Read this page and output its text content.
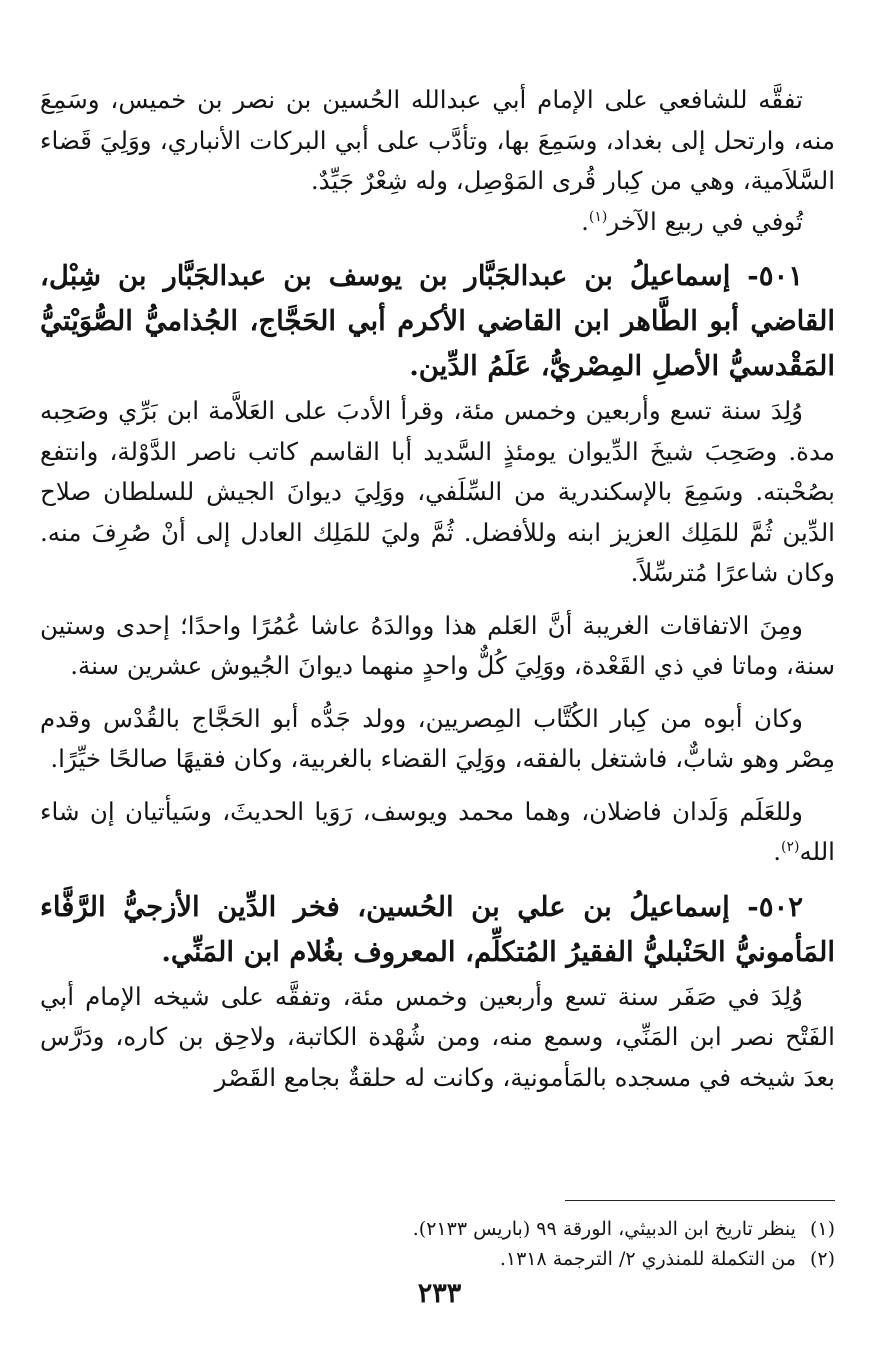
تفقَّه للشافعي على الإمام أبي عبدالله الحُسين بن نصر بن خميس، وسَمِعَ منه، وارتحل إلى بغداد، وسَمِعَ بها، وتأدَّب على أبي البركات الأنباري، ووَلِيَ قَضاء السَّلاَمية، وهي من كِبار قُرى المَوْصِل، وله شِعْرٌ جَيِّدٌ.

تُوفي في ربيع الآخر$^{(١)}$.

٥٠١- إسماعيلُ بن عبدالجَبَّار بن يوسف بن عبدالجَبَّار بن شِبْل، القاضي أبو الطَّاهر ابن القاضي الأكرم أبي الحَجَّاج، الجُذاميُّ الصُّوَيْتيُّ المَقْدسيُّ الأصلِ المِصْريُّ، عَلَمُ الدِّين.

وُلِدَ سنة تسع وأربعين وخمس مئة، وقرأ الأدبَ على العَلاَّمة ابن بَرِّي وصَحِبه مدة. وصَحِبَ شيخَ الدِّيوان يومئذٍ السَّديد أبا القاسم كاتب ناصر الدَّوْلة، وانتفع بصُحْبته. وسَمِعَ بالإسكندرية من السِّلَفي، ووَلِيَ ديوانَ الجيش للسلطان صلاح الدِّين ثُمَّ للمَلِك العزيز ابنه وللأفضل. ثُمَّ وليَ للمَلِك العادل إلى أنْ صُرِفَ منه. وكان شاعرًا مُترسِّلاً.

ومِنَ الاتفاقات الغريبة أنَّ العَلم هذا ووالدَهُ عاشا عُمُرًا واحدًا؛ إحدى وستين سنة، وماتا في ذي القَعْدة، ووَلِيَ كُلٌّ واحدٍ منهما ديوانَ الجُيوش عشرين سنة.

وكان أبوه من كِبار الكُتَّاب المِصريين، وولد جَدُّه أبو الحَجَّاج بالقُدْس وقدم مِصْر وهو شابٌّ، فاشتغل بالفقه، ووَلِيَ القضاء بالغربية، وكان فقيهًا صالحًا خيِّرًا.

وللعَلَم وَلَدان فاضلان، وهما محمد ويوسف، رَوَيا الحديثَ، وسَيأتيان إن شاء الله$^{(٢)}$.

٥٠٢- إسماعيلُ بن علي بن الحُسين، فخر الدِّين الأزجيُّ الرَّفَّاء المَأمونيُّ الحَنْبليُّ الفقيرُ المُتكلِّم، المعروف بغُلام ابن المَنِّي.

وُلِدَ في صَفَر سنة تسع وأربعين وخمس مئة، وتفقَّه على شيخه الإمام أبي الفَتْح نصر ابن المَنِّي، وسمع منه، ومن شُهْدة الكاتبة، ولاحِق بن كاره، ودَرَّس بعدَ شيخه في مسجده بالمَأمونية، وكانت له حلقةٌ بجامع القَصْر

(١)ينظر تاريخ ابن الدبيثي، الورقة ٩٩ (باريس ٢١٣٣).

(٢)من التكملة للمنذري ٢/ الترجمة ١٣١٨.

٢٣٣
